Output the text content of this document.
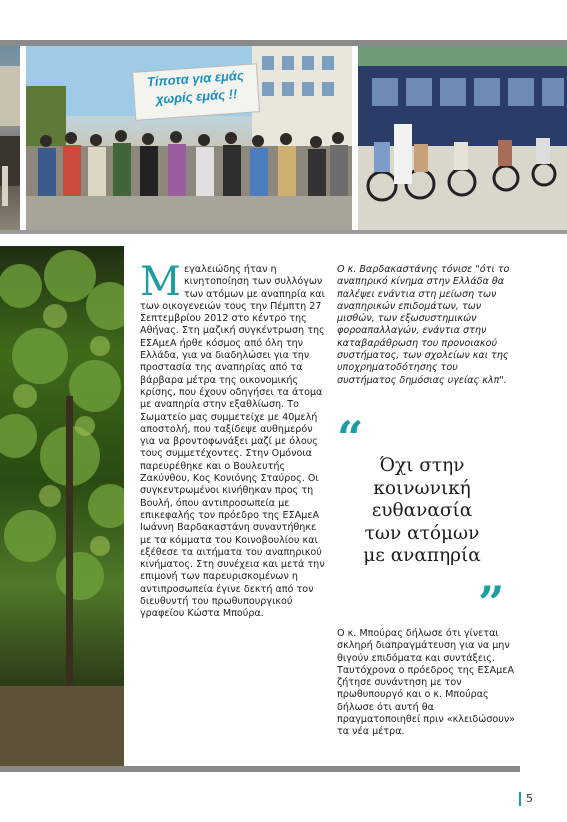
Τίποτα για εμάς
χωρίς εμάς !!
Μ εγαλειώδης ήταν η κινητοποίηση των συλλόγων των ατόμων με αναπηρία και των οικογενειών τους την Πέμπτη 27 Σεπτεμβρίου 2012 στο κέντρο της Αθήνας. Στη μαζική συγκέντρωση της ΕΣΑμεΑ ήρθε κόσμος από όλη την Ελλάδα, για να διαδηλώσει για την προστασία της αναπηρίας από τα βάρβαρα μέτρα της οικονομικής κρίσης, που έχουν οδηγήσει τα άτομα με αναπηρία στην εξαθλίωση. Το Σωματείο μας συμμετείχε με 40μελή αποστολή, που ταξίδεψε αυθημερόν για να βροντοφωνάξει μαζί με όλους τους συμμετέχοντες. Στην Ομόνοια παρευρέθηκε και ο Βουλευτής Ζακύνθου, Κος Κονιόνης Σταύρος. Οι συγκεντρωμένοι κινήθηκαν προς τη Βουλή, όπου αντιπροσωπεία με επικεφαλής τον πρόεδρο της ΕΣΑμεΑ Ιωάννη Βαρδακαστάνη συναντήθηκε με τα κόμματα του Κοινοβουλίου και εξέθεσε τα αιτήματα του αναπηρικού κινήματος. Στη συνέχεια και μετά την επιμονή των παρευρισκομένων η αντιπροσωπεία έγινε δεκτή από τον διευθυντή του πρωθυπουργικού γραφείου Κώστα Μπούρα.
Ο κ. Βαρδακαστάνης τόνισε "ότι το αναπηρικό κίνημα στην Ελλάδα θα παλέψει ενάντια στη μείωση των αναπηρικών επιδομάτων, των μισθών, των εξωσυστημικών φοροαπαλλαγών, ενάντια στην καταβαράθρωση του προνοιακού συστήματος, των σχολείων και της υποχρηματοδότησης του συστήματος δημόσιας υγείας κλπ".
“
Όχι στην
κοινωνική
ευθανασία
των ατόμων
με αναπηρία
”
Ο κ. Μπούρας δήλωσε ότι γίνεται σκληρή διαπραγμάτευση για να μην θιγούν επιδόματα και συντάξεις. Ταυτόχρονα ο πρόεδρος της ΕΣΑμεΑ ζήτησε συνάντηση με τον πρωθυπουργό και ο κ. Μπούρας δήλωσε ότι αυτή θα πραγματοποιηθεί πριν «κλειδώσουν» τα νέα μέτρα.
5
